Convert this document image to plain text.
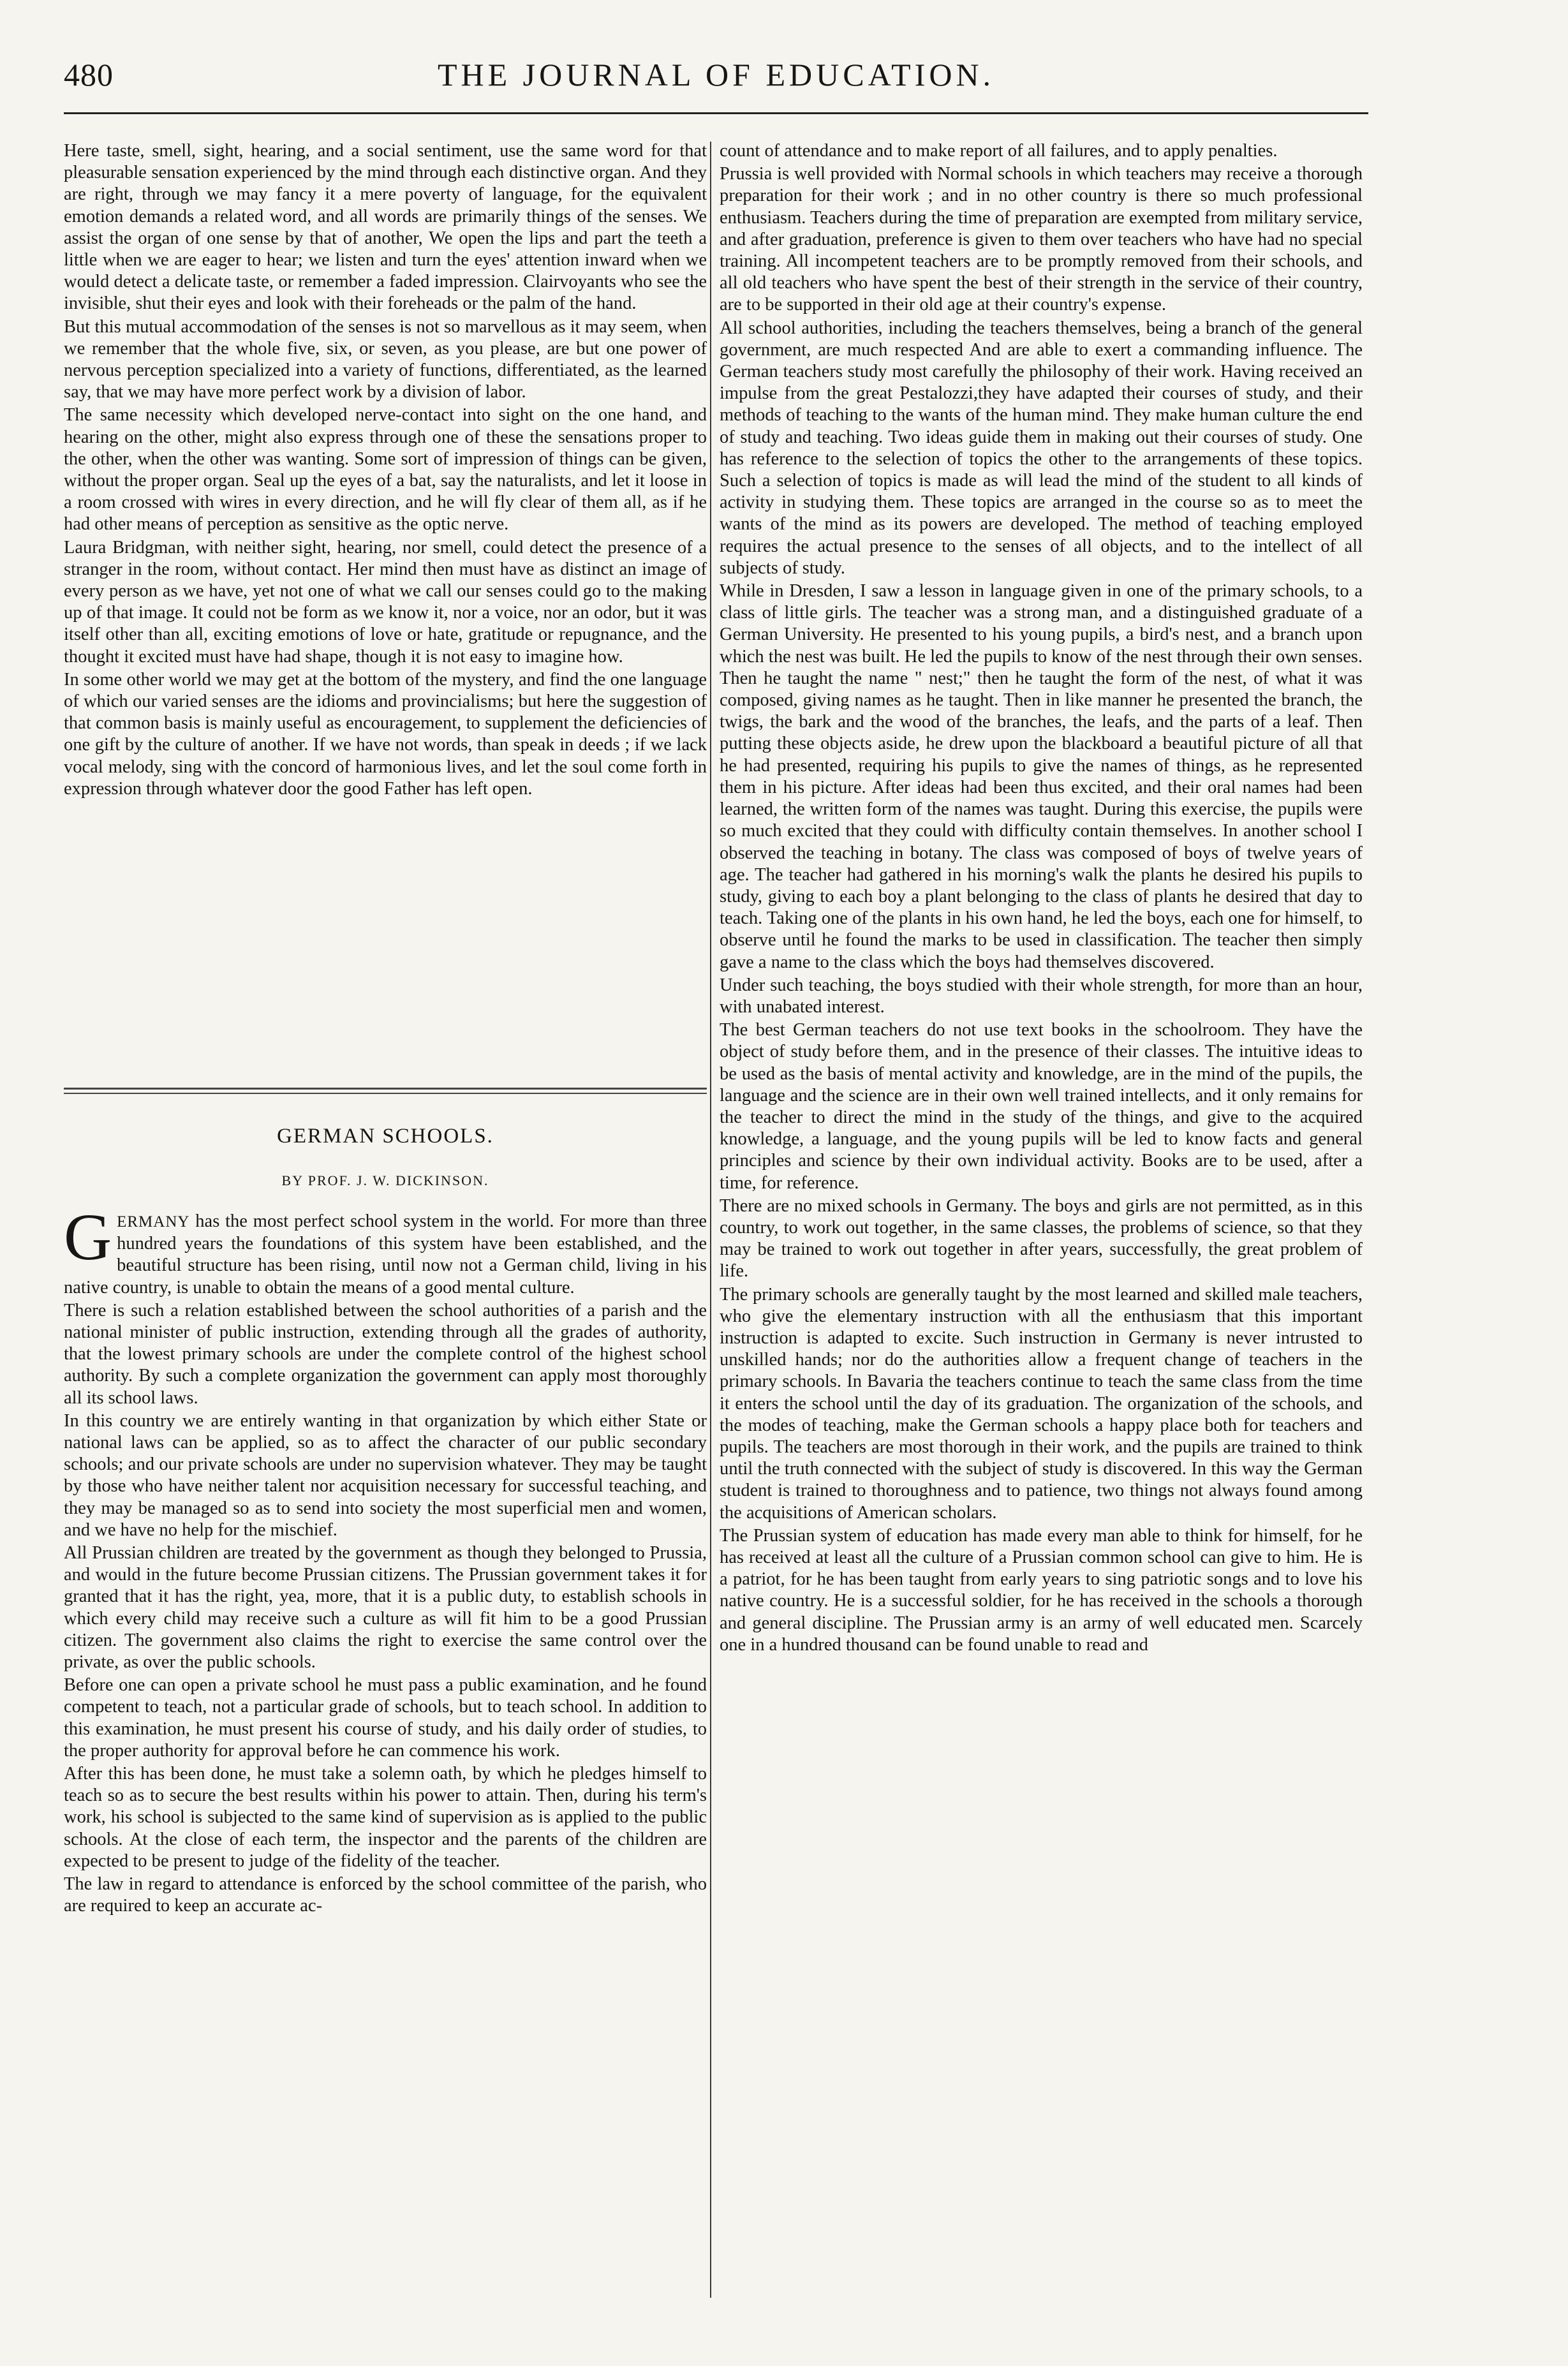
480	THE JOURNAL OF EDUCATION.

Here taste, smell, sight, hearing, and a social sentiment, use the same word for that pleasurable sensation experienced by the mind through each distinctive organ. And they are right, through we may fancy it a mere poverty of language, for the equivalent emotion demands a related word, and all words are primarily things of the senses. We assist the organ of one sense by that of another, We open the lips and part the teeth a little when we are eager to hear; we listen and turn the eyes' attention inward when we would detect a delicate taste, or remember a faded impression. Clairvoyants who see the invisible, shut their eyes and look with their foreheads or the palm of the hand.

But this mutual accommodation of the senses is not so marvellous as it may seem, when we remember that the whole five, six, or seven, as you please, are but one power of nervous perception specialized into a variety of functions, differentiated, as the learned say, that we may have more perfect work by a division of labor.

The same necessity which developed nerve-contact into sight on the one hand, and hearing on the other, might also express through one of these the sensations proper to the other, when the other was wanting. Some sort of impression of things can be given, without the proper organ. Seal up the eyes of a bat, say the naturalists, and let it loose in a room crossed with wires in every direction, and he will fly clear of them all, as if he had other means of perception as sensitive as the optic nerve.

Laura Bridgman, with neither sight, hearing, nor smell, could detect the presence of a stranger in the room, without contact. Her mind then must have as distinct an image of every person as we have, yet not one of what we call our senses could go to the making up of that image. It could not be form as we know it, nor a voice, nor an odor, but it was itself other than all, exciting emotions of love or hate, gratitude or repugnance, and the thought it excited must have had shape, though it is not easy to imagine how.

In some other world we may get at the bottom of the mystery, and find the one language of which our varied senses are the idioms and provincialisms; but here the suggestion of that common basis is mainly useful as encouragement, to supplement the deficiencies of one gift by the culture of another. If we have not words, than speak in deeds ; if we lack vocal melody, sing with the concord of harmonious lives, and let the soul come forth in expression through whatever door the good Father has left open.

GERMAN SCHOOLS.
BY PROF. J. W. DICKINSON.

GERMANY has the most perfect school system in the world. For more than three hundred years the foundations of this system have been established, and the beautiful structure has been rising, until now not a German child, living in his native country, is unable to obtain the means of a good mental culture.

There is such a relation established between the school authorities of a parish and the national minister of public instruction, extending through all the grades of authority, that the lowest primary schools are under the complete control of the highest school authority. By such a complete organization the government can apply most thoroughly all its school laws.

In this country we are entirely wanting in that organization by which either State or national laws can be applied, so as to affect the character of our public secondary schools; and our private schools are under no supervision whatever. They may be taught by those who have neither talent nor acquisition necessary for successful teaching, and they may be managed so as to send into society the most superficial men and women, and we have no help for the mischief.

All Prussian children are treated by the government as though they belonged to Prussia, and would in the future become Prussian citizens. The Prussian government takes it for granted that it has the right, yea, more, that it is a public duty, to establish schools in which every child may receive such a culture as will fit him to be a good Prussian citizen. The government also claims the right to exercise the same control over the private, as over the public schools.

Before one can open a private school he must pass a public examination, and he found competent to teach, not a particular grade of schools, but to teach school. In addition to this examination, he must present his course of study, and his daily order of studies, to the proper authority for approval before he can commence his work.

After this has been done, he must take a solemn oath, by which he pledges himself to teach so as to secure the best results within his power to attain. Then, during his term's work, his school is subjected to the same kind of supervision as is applied to the public schools. At the close of each term, the inspector and the parents of the children are expected to be present to judge of the fidelity of the teacher.

The law in regard to attendance is enforced by the school committee of the parish, who are required to keep an accurate ac-

count of attendance and to make report of all failures, and to apply penalties.

Prussia is well provided with Normal schools in which teachers may receive a thorough preparation for their work ; and in no other country is there so much professional enthusiasm. Teachers during the time of preparation are exempted from military service, and after graduation, preference is given to them over teachers who have had no special training. All incompetent teachers are to be promptly removed from their schools, and all old teachers who have spent the best of their strength in the service of their country, are to be supported in their old age at their country's expense.

All school authorities, including the teachers themselves, being a branch of the general government, are much respected And are able to exert a commanding influence. The German teachers study most carefully the philosophy of their work. Having received an impulse from the great Pestalozzi,they have adapted their courses of study, and their methods of teaching to the wants of the human mind. They make human culture the end of study and teaching. Two ideas guide them in making out their courses of study. One has reference to the selection of topics the other to the arrangements of these topics. Such a selection of topics is made as will lead the mind of the student to all kinds of activity in studying them. These topics are arranged in the course so as to meet the wants of the mind as its powers are developed. The method of teaching employed requires the actual presence to the senses of all objects, and to the intellect of all subjects of study.

While in Dresden, I saw a lesson in language given in one of the primary schools, to a class of little girls. The teacher was a strong man, and a distinguished graduate of a German University. He presented to his young pupils, a bird's nest, and a branch upon which the nest was built. He led the pupils to know of the nest through their own senses. Then he taught the name " nest;" then he taught the form of the nest, of what it was composed, giving names as he taught. Then in like manner he presented the branch, the twigs, the bark and the wood of the branches, the leafs, and the parts of a leaf. Then putting these objects aside, he drew upon the blackboard a beautiful picture of all that he had presented, requiring his pupils to give the names of things, as he represented them in his picture. After ideas had been thus excited, and their oral names had been learned, the written form of the names was taught. During this exercise, the pupils were so much excited that they could with difficulty contain themselves. In another school I observed the teaching in botany. The class was composed of boys of twelve years of age. The teacher had gathered in his morning's walk the plants he desired his pupils to study, giving to each boy a plant belonging to the class of plants he desired that day to teach. Taking one of the plants in his own hand, he led the boys, each one for himself, to observe until he found the marks to be used in classification. The teacher then simply gave a name to the class which the boys had themselves discovered.

Under such teaching, the boys studied with their whole strength, for more than an hour, with unabated interest.

The best German teachers do not use text books in the schoolroom. They have the object of study before them, and in the presence of their classes. The intuitive ideas to be used as the basis of mental activity and knowledge, are in the mind of the pupils, the language and the science are in their own well trained intellects, and it only remains for the teacher to direct the mind in the study of the things, and give to the acquired knowledge, a language, and the young pupils will be led to know facts and general principles and science by their own individual activity. Books are to be used, after a time, for reference.

There are no mixed schools in Germany. The boys and girls are not permitted, as in this country, to work out together, in the same classes, the problems of science, so that they may be trained to work out together in after years, successfully, the great problem of life.

The primary schools are generally taught by the most learned and skilled male teachers, who give the elementary instruction with all the enthusiasm that this important instruction is adapted to excite. Such instruction in Germany is never intrusted to unskilled hands; nor do the authorities allow a frequent change of teachers in the primary schools. In Bavaria the teachers continue to teach the same class from the time it enters the school until the day of its graduation. The organization of the schools, and the modes of teaching, make the German schools a happy place both for teachers and pupils. The teachers are most thorough in their work, and the pupils are trained to think until the truth connected with the subject of study is discovered. In this way the German student is trained to thoroughness and to patience, two things not always found among the acquisitions of American scholars.

The Prussian system of education has made every man able to think for himself, for he has received at least all the culture of a Prussian common school can give to him. He is a patriot, for he has been taught from early years to sing patriotic songs and to love his native country. He is a successful soldier, for he has received in the schools a thorough and general discipline. The Prussian army is an army of well educated men. Scarcely one in a hundred thousand can be found unable to read and
